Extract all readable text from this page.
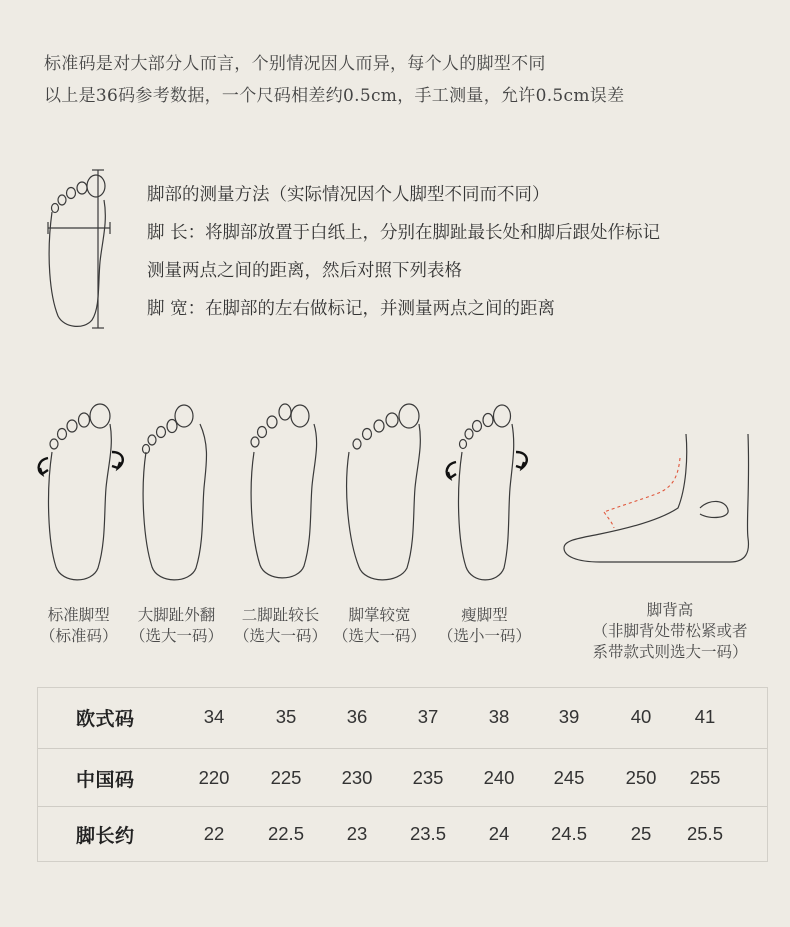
标准码是对大部分人而言，个别情况因人而异，每个人的脚型不同
以上是36码参考数据，一个尺码相差约0.5cm，手工测量，允许0.5cm误差
脚部的测量方法（实际情况因个人脚型不同而不同）
脚 长：将脚部放置于白纸上，分别在脚趾最长处和脚后跟处作标记
测量两点之间的距离，然后对照下列表格
脚 宽：在脚部的左右做标记，并测量两点之间的距离
标准脚型
（标准码）
大脚趾外翻
（选大一码）
二脚趾较长
（选大一码）
脚掌较宽
（选大一码）
瘦脚型
（选小一码）
脚背高
（非脚背处带松紧或者
系带款式则选大一码）
欧式码	34	35	36	37	38	39	40	41
中国码	220	225	230	235	240	245	250	255
脚长约	22	22.5	23	23.5	24	24.5	25	25.5
